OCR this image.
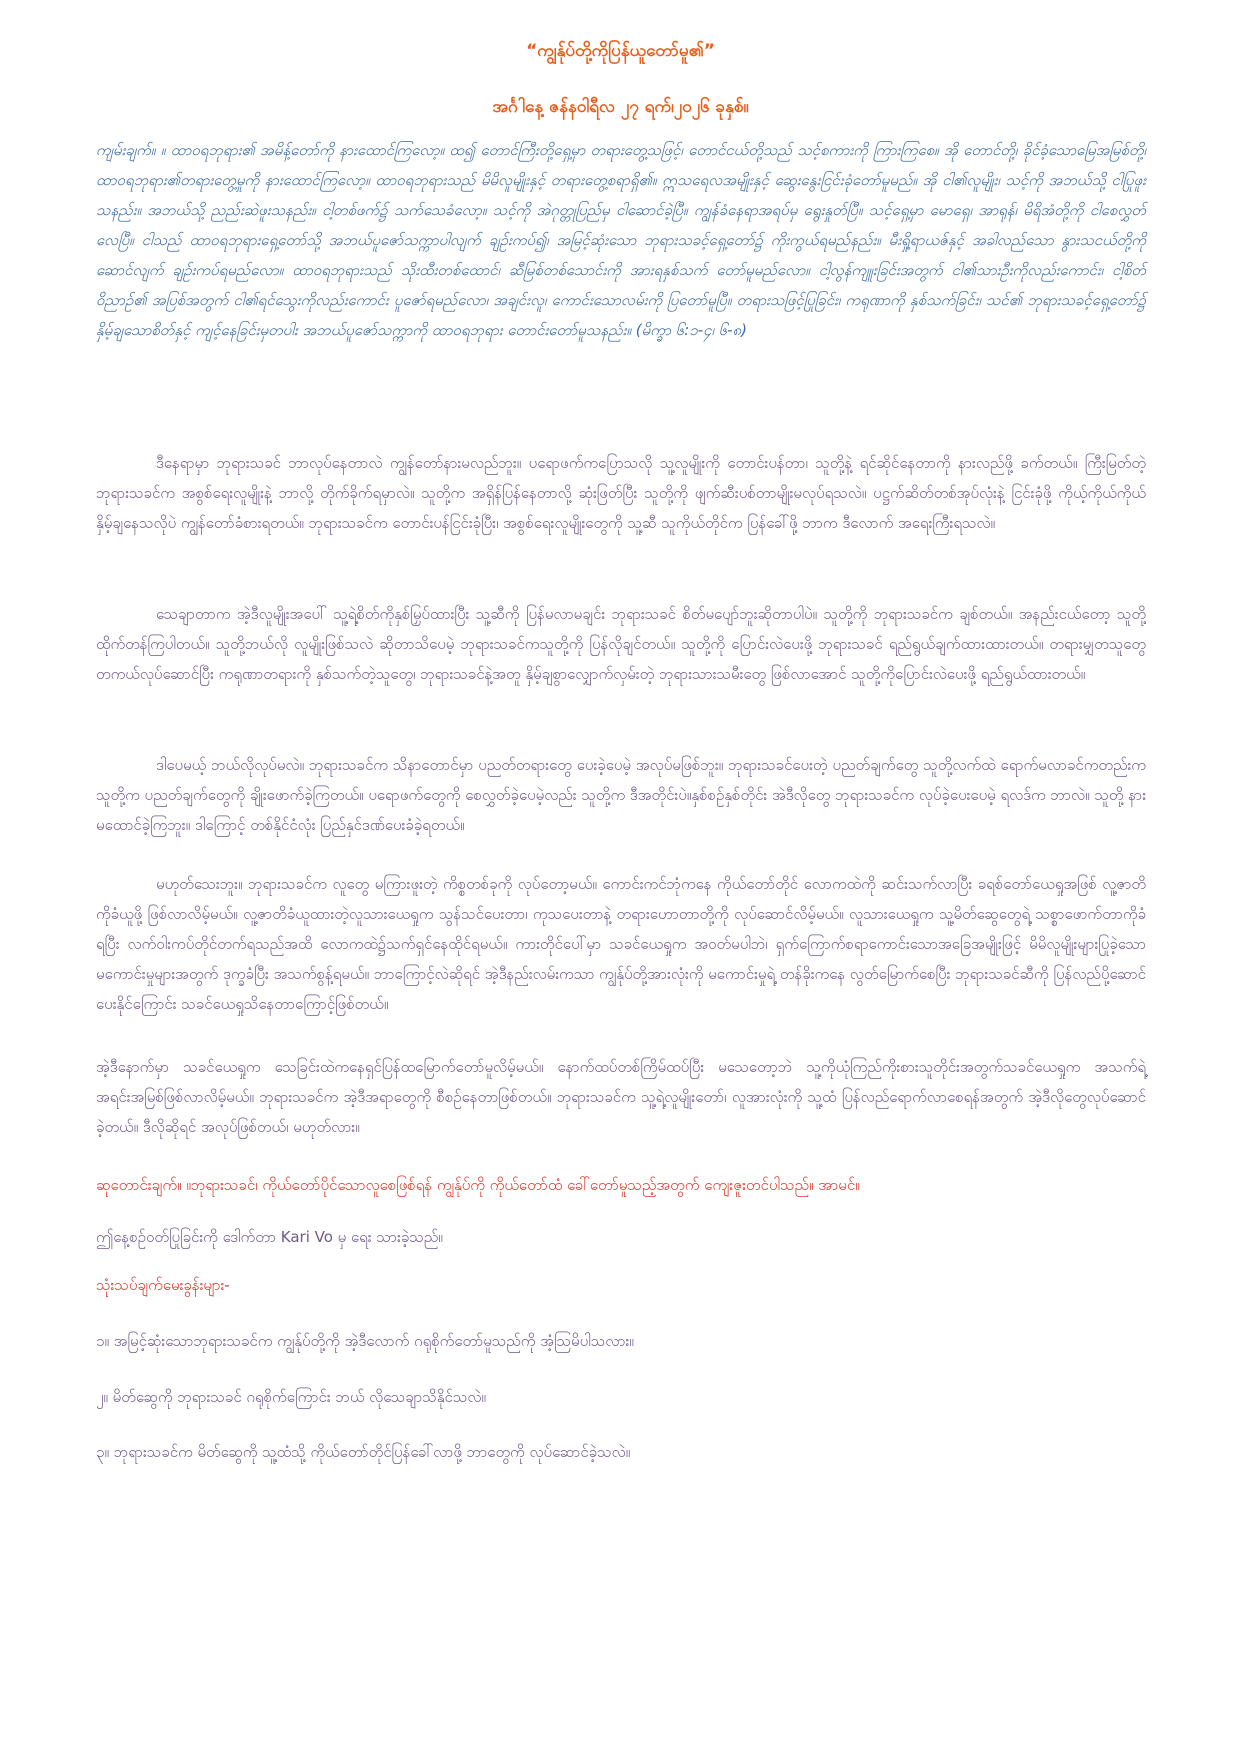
“ကျွန်ုပ်တို့ကိုပြန်ယူတော်မူ၏”
အင်္ဂါနေ့ ဇန်နဝါရီလ ၂၇ ရက်၊၂၀၂၆ ခုနှစ်။
ကျမ်းချက်။ ။ ထာဝရဘုရား၏ အမိန့်တော်ကို နားထောင်ကြလော့။ ထ၍ တောင်ကြီးတို့ရှေ့မှာ တရားတွေ့သဖြင့်၊ တောင်ငယ်တို့သည် သင့်စကားကို ကြားကြစေ။ အို တောင်တို့၊ ခိုင်ခံ့သောမြေအမြစ်တို့၊ ထာဝရဘုရား၏တရားတွေ့မှုကို နားထောင်ကြလော့။ ထာဝရဘုရားသည် မိမိလူမျိုးနှင့် တရားတွေ့စရာရှိ၏။ ဣသရေလအမျိုးနှင့် ဆွေးနွေးငြင်းခုံတော်မူမည်။ အို ငါ၏လူမျိုး၊ သင့်ကို အဘယ်သို့ ငါပြုဖူးသနည်း။ အဘယ်သို့ ညည်းဆဲဖူးသနည်း။ ငါ့တစ်ဖက်၌ သက်သေခံလော့။ သင့်ကို အဲဂုတ္တုပြည်မှ ငါဆောင်ခဲ့ပြီ။ ကျွန်ခံနေရာအရပ်မှ ရွေးနှုတ်ပြီ။ သင့်ရှေ့မှာ မောရှေ၊ အာရုန်၊ မိရိအံတို့ကို ငါစေလွှတ်လေပြီ။ ငါသည် ထာဝရဘုရားရှေ့တော်သို့ အဘယ်ပူဇော်သက္ကာပါလျက် ချဉ်းကပ်၍၊ အမြင့်ဆုံးသော ဘုရားသခင့်ရှေ့တော်၌ ကိုးကွယ်ရမည်နည်း။ မီးရှို့ရာယဇ်နှင့် အခါလည်သော နွားသငယ်တို့ကို ဆောင်လျက် ချဉ်းကပ်ရမည်လော။ ထာဝရဘုရားသည် သိုးထီးတစ်ထောင်၊ ဆီမြစ်တစ်သောင်းကို အားရနှစ်သက် တော်မူမည်လော။ ငါ့လွန်ကျူးခြင်းအတွက် ငါ၏သားဦးကိုလည်းကောင်း၊ ငါ့စိတ်ဝိညာဉ်၏ အပြစ်အတွက် ငါ၏ရင်သွေးကိုလည်းကောင်း ပူဇော်ရမည်လော၊ အချင်းလူ၊ ကောင်းသောလမ်းကို ပြတော်မူပြီ။ တရားသဖြင့်ပြုခြင်း၊ ကရုဏာကို နှစ်သက်ခြင်း၊ သင်၏ ဘုရားသခင့်ရှေ့တော်၌ နှိမ့်ချသောစိတ်နှင့် ကျင့်နေခြင်းမှတပါး အဘယ်ပူဇော်သက္ကာကို ထာဝရဘုရား တောင်းတော်မူသနည်း။ (မိက္ခာ ၆:၁-၄၊ ၆-၈)
ဒီနေရာမှာ ဘုရားသခင် ဘာလုပ်နေတာလဲ ကျွန်တော်နားမလည်ဘူး။ ပရောဖက်ကပြောသလို သူ့လူမျိုးကို တောင်းပန်တာ၊ သူတို့နဲ့ ရင်ဆိုင်နေတာကို နားလည်ဖို့ ခက်တယ်။ ကြီးမြတ်တဲ့ ဘုရားသခင်က အစွစ်ရေးလူမျိုးနဲ့ ဘာလို့ တိုက်ခိုက်ရမှာလဲ။ သူတို့က အရှိန်ပြန်နေတာလို့ ဆုံးဖြတ်ပြီး သူတို့ကို ဖျက်ဆီးပစ်တာမျိုးမလုပ်ရသလဲ။ ပဋ္ဌက်ဆိတ်တစ်အုပ်လုံးနဲ့ ငြင်းခုံဖို့ ကိုယ့်ကိုယ်ကိုယ် နှိမ့်ချနေသလိုပဲ ကျွန်တော်ခံစားရတယ်။ ဘုရားသခင်က တောင်းပန်ငြင်းခုံပြီး၊ အစွစ်ရေးလူမျိုးတွေကို သူ့ဆီ သူကိုယ်တိုင်က ပြန်ခေါ်ဖို့ ဘာက ဒီလောက် အရေးကြီးရသလဲ။
သေချာတာက အဲ့ဒီလူမျိုးအပေါ် သူ့ရဲ့စိတ်ကိုနှစ်မြှပ်ထားပြီး သူ့ဆီကို ပြန်မလာမချင်း ဘုရားသခင် စိတ်မပျော်ဘူးဆိုတာပါပဲ။ သူတို့ကို ဘုရားသခင်က ချစ်တယ်။ အနည်းငယ်တော့ သူတို့ ထိုက်တန်ကြပါတယ်။ သူတို့ဘယ်လို လူမျိုးဖြစ်သလဲ ဆိုတာသိပေမဲ့ ဘုရားသခင်ကသူတို့ကို ပြန်လိုချင်တယ်။ သူတို့ကို ပြောင်းလဲပေးဖို့ ဘုရားသခင် ရည်ရွယ်ချက်ထားထားတယ်။ တရားမျှတသူတွေ တကယ်လုပ်ဆောင်ပြီး ကရုဏာတရားကို နှစ်သက်တဲ့သူတွေ၊ ဘုရားသခင်နဲ့အတူ နှိမ့်ချစွာလျှောက်လှမ်းတဲ့ ဘုရားသားသမီးတွေ ဖြစ်လာအောင် သူတို့ကိုပြောင်းလဲပေးဖို့ ရည်ရွယ်ထားတယ်။
ဒါပေမယ့် ဘယ်လိုလုပ်မလဲ။ ဘုရားသခင်က သိနာတောင်မှာ ပညတ်တရားတွေ ပေးခဲ့ပေမဲ့ အလုပ်မဖြစ်ဘူး။ ဘုရားသခင်ပေးတဲ့ ပညတ်ချက်တွေ သူတို့လက်ထဲ ရောက်မလာခင်ကတည်းက သူတို့က ပညတ်ချက်တွေကို ချိုးဖောက်ခဲ့ကြတယ်။ ပရောဖက်တွေကို စေလွှတ်ခဲ့ပေမဲ့လည်း သူတို့က ဒီအတိုင်းပဲ။နှစ်စဉ်နှစ်တိုင်း အဲဒီလိုတွေ ဘုရားသခင်က လုပ်ခဲ့ပေးပေမဲ့ ရလဒ်က ဘာလဲ။ သူတို့ နားမထောင်ခဲ့ကြဘူး။ ဒါကြောင့် တစ်နိုင်ငံလုံး ပြည်နှင်ဒဏ်ပေးခံခဲ့ရတယ်။
မဟုတ်သေးဘူး။ ဘုရားသခင်က လူတွေ မကြားဖူးတဲ့ ကိစ္စတစ်ခုကို လုပ်တော့မယ်။ ကောင်းကင်ဘုံကနေ ကိုယ်တော်တိုင် လောကထဲကို ဆင်းသက်လာပြီး ခရစ်တော်ယေရှုအဖြစ် လူ့ဇာတိကိုခံယူဖို့ ဖြစ်လာလိမ့်မယ်။ လူ့ဇာတိခံယူထားတဲ့လူသားယေရှုက သွန်သင်ပေးတာ၊ ကုသပေးတာနဲ့ တရားဟောတာတို့ကို လုပ်ဆောင်လိမ့်မယ်။ လူသားယေရှုက သူ့မိတ်ဆွေတွေရဲ့ သစ္စာဖောက်တာကိုခံရပြီး လက်ဝါးကပ်တိုင်တက်ရသည်အထိ လောကထဲ၌သက်ရှင်နေထိုင်ရမယ်။ ကားတိုင်ပေါ်မှာ သခင်ယေရှုက အဝတ်မပါဘဲ၊ ရှက်ကြောက်စရာကောင်းသောအခြေအမျိုးဖြင့် မိမိလူမျိုးများပြုခဲ့သော မကောင်းမှုများအတွက် ဒုက္ခခံပြီး အသက်စွန့်ရမယ်။ ဘာကြောင့်လဲဆိုရင် အဲ့ဒီနည်းလမ်းကသာ ကျွန်ုပ်တို့အားလုံးကို မကောင်းမှုရဲ့ တန်ခိုးကနေ လွတ်မြောက်စေပြီး ဘုရားသခင်ဆီကို ပြန်လည်ပို့ဆောင်ပေးနိုင်ကြောင်း သခင်ယေရှုသိနေတာကြောင့်ဖြစ်တယ်။
အဲ့ဒီနောက်မှာ သခင်ယေရှုက သေခြင်းထဲကနေရှင်ပြန်ထမြောက်တော်မူလိမ့်မယ်။ နောက်ထပ်တစ်ကြိမ်ထပ်ပြီး မသေတော့ဘဲ သူ့ကိုယုံကြည်ကိုးစားသူတိုင်းအတွက်သခင်ယေရှုက အသက်ရဲ့အရင်းအမြစ်ဖြစ်လာလိမ့်မယ်။ ဘုရားသခင်က အဲ့ဒီအရာတွေကို စီစဉ်နေတာဖြစ်တယ်။ ဘုရားသခင်က သူ့ရဲ့လူမျိုးတော်၊ လူအားလုံးကို သူ့ထံ ပြန်လည်ရောက်လာစေရန်အတွက် အဲ့ဒီလိုတွေလုပ်ဆောင်ခဲ့တယ်။ ဒီလိုဆိုရင် အလုပ်ဖြစ်တယ်၊ မဟုတ်လား။
ဆုတောင်းချက်။ ။ဘုရားသခင်၊ ကိုယ်တော်ပိုင်သောလူစေဖြစ်ရန် ကျွန်ုပ်ကို ကိုယ်တော်ထံ ခေါ်တော်မူသည့်အတွက် ကျေးဇူးတင်ပါသည်။ အာမင်။
ဤနေ့စဉ်ဝတ်ပြုခြင်းကို ဒေါက်တာ Kari Vo မှ ရေး သားခဲ့သည်။
သုံးသပ်ချက်မေးခွန်းများ-
၁။ အမြင့်ဆုံးသောဘုရားသခင်က ကျွန်ုပ်တို့ကို အဲ့ဒီလောက် ဂရုစိုက်တော်မူသည်ကို အံ့သြမိပါသလား။
၂။ မိတ်ဆွေကို ဘုရားသခင် ဂရုစိုက်ကြောင်း ဘယ် လိုသေချာသိနိုင်သလဲ။
၃။ ဘုရားသခင်က မိတ်ဆွေကို သူ့ထံသို့ ကိုယ်တော်တိုင်ပြန်ခေါ်လာဖို့ ဘာတွေကို လုပ်ဆောင်ခဲ့သလဲ။
